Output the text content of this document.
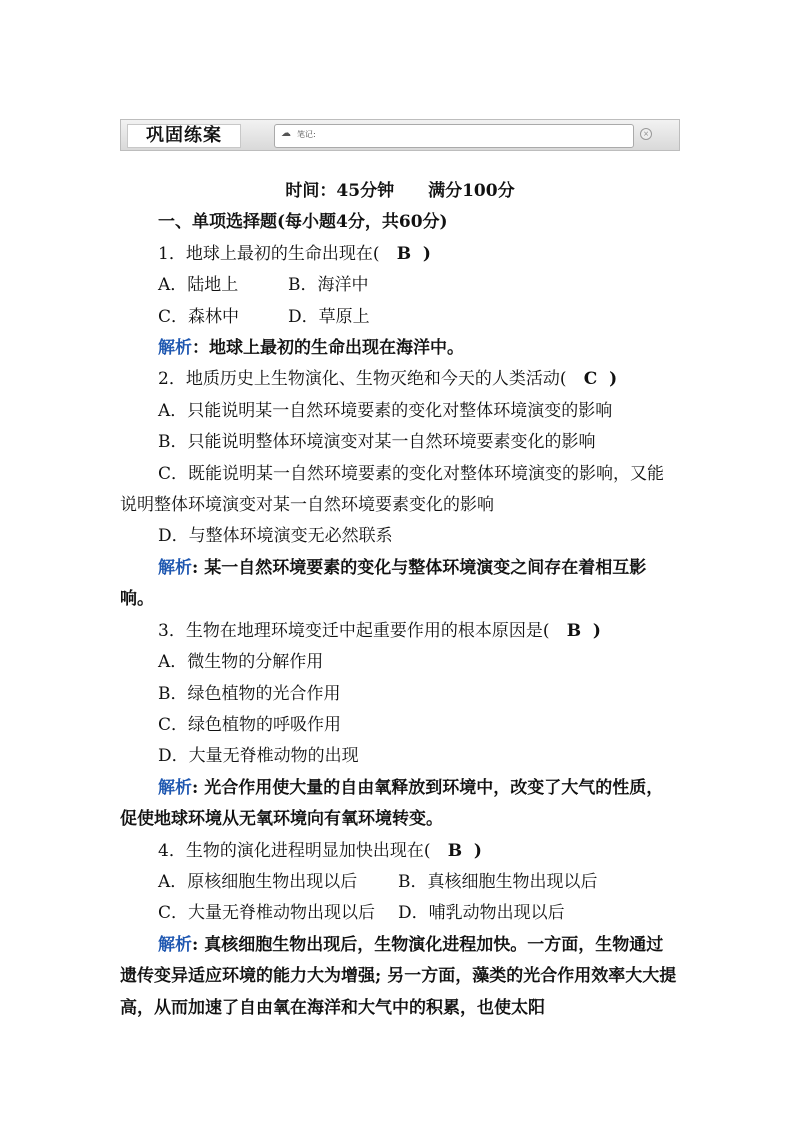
巩固练案	☁ 笔记:	×
时间：45分钟　　满分100分
一、单项选择题(每小题4分，共60分)
1．地球上最初的生命出现在( B  )
A．陆地上	B．海洋中
C．森林中	D．草原上
解析：地球上最初的生命出现在海洋中。
2．地质历史上生物演化、生物灭绝和今天的人类活动( C  )
A．只能说明某一自然环境要素的变化对整体环境演变的影响
B．只能说明整体环境演变对某一自然环境要素变化的影响
C．既能说明某一自然环境要素的变化对整体环境演变的影响，又能说明整体环境演变对某一自然环境要素变化的影响
D．与整体环境演变无必然联系
解析: 某一自然环境要素的变化与整体环境演变之间存在着相互影响。
3．生物在地理环境变迁中起重要作用的根本原因是( B  )
A．微生物的分解作用
B．绿色植物的光合作用
C．绿色植物的呼吸作用
D．大量无脊椎动物的出现
解析: 光合作用使大量的自由氧释放到环境中，改变了大气的性质，促使地球环境从无氧环境向有氧环境转变。
4．生物的演化进程明显加快出现在( B  )
A．原核细胞生物出现以后 B．真核细胞生物出现以后
C．大量无脊椎动物出现以后 D．哺乳动物出现以后
解析: 真核细胞生物出现后，生物演化进程加快。一方面，生物通过遗传变异适应环境的能力大为增强; 另一方面，藻类的光合作用效率大大提高，从而加速了自由氧在海洋和大气中的积累，也使太阳
